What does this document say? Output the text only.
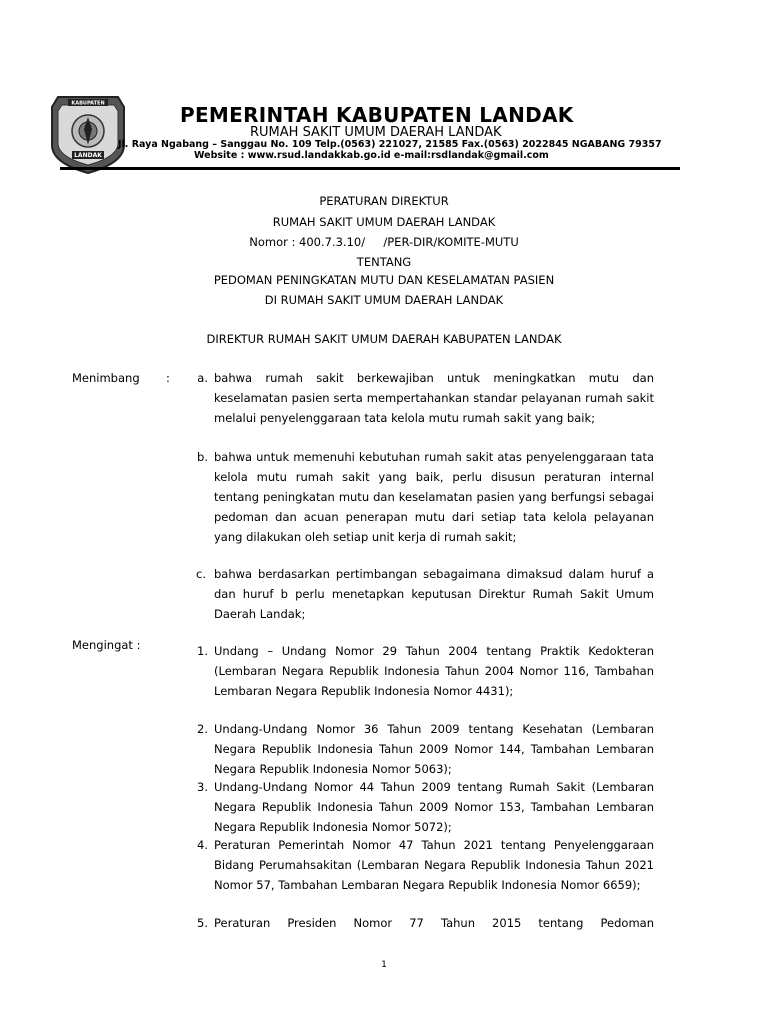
KABUPATEN
LANDAK
PEMERINTAH KABUPATEN LANDAK
RUMAH SAKIT UMUM DAERAH LANDAK
Jl. Raya Ngabang – Sanggau No. 109 Telp.(0563) 221027, 21585 Fax.(0563) 2022845 NGABANG 79357
Website : www.rsud.landakkab.go.id e-mail:rsdlandak@gmail.com
PERATURAN DIREKTUR
RUMAH SAKIT UMUM DAERAH LANDAK
Nomor : 400.7.3.10/     /PER-DIR/KOMITE-MUTU
TENTANG
PEDOMAN PENINGKATAN MUTU DAN KESELAMATAN PASIEN
DI RUMAH SAKIT UMUM DAERAH LANDAK
DIREKTUR RUMAH SAKIT UMUM DAERAH KABUPATEN LANDAK
Menimbang :	a. bahwa rumah sakit berkewajiban untuk meningkatkan mutu dan keselamatan pasien serta mempertahankan standar pelayanan rumah sakit melalui penyelenggaraan tata kelola mutu rumah sakit yang baik;
b. bahwa untuk memenuhi kebutuhan rumah sakit atas penyelenggaraan tata kelola mutu rumah sakit yang baik, perlu disusun peraturan internal tentang peningkatan mutu dan keselamatan pasien yang berfungsi sebagai pedoman dan acuan penerapan mutu dari setiap tata kelola pelayanan yang dilakukan oleh setiap unit kerja di rumah sakit;
c. bahwa berdasarkan pertimbangan sebagaimana dimaksud dalam huruf a dan huruf b perlu menetapkan keputusan Direktur Rumah Sakit Umum Daerah Landak;
Mengingat :	1. Undang – Undang Nomor 29 Tahun 2004 tentang Praktik Kedokteran (Lembaran Negara Republik Indonesia Tahun 2004 Nomor 116, Tambahan Lembaran Negara Republik Indonesia Nomor 4431);
2. Undang-Undang Nomor 36 Tahun 2009 tentang Kesehatan (Lembaran Negara Republik Indonesia Tahun 2009 Nomor 144, Tambahan Lembaran Negara Republik Indonesia Nomor 5063);
3. Undang-Undang Nomor 44 Tahun 2009 tentang Rumah Sakit (Lembaran Negara Republik Indonesia Tahun 2009 Nomor 153, Tambahan Lembaran Negara Republik Indonesia Nomor 5072);
4. Peraturan Pemerintah Nomor 47 Tahun 2021 tentang Penyelenggaraan Bidang Perumahsakitan (Lembaran Negara Republik Indonesia Tahun 2021 Nomor 57, Tambahan Lembaran Negara Republik Indonesia Nomor 6659);
5. Peraturan Presiden Nomor 77 Tahun 2015 tentang Pedoman
1
